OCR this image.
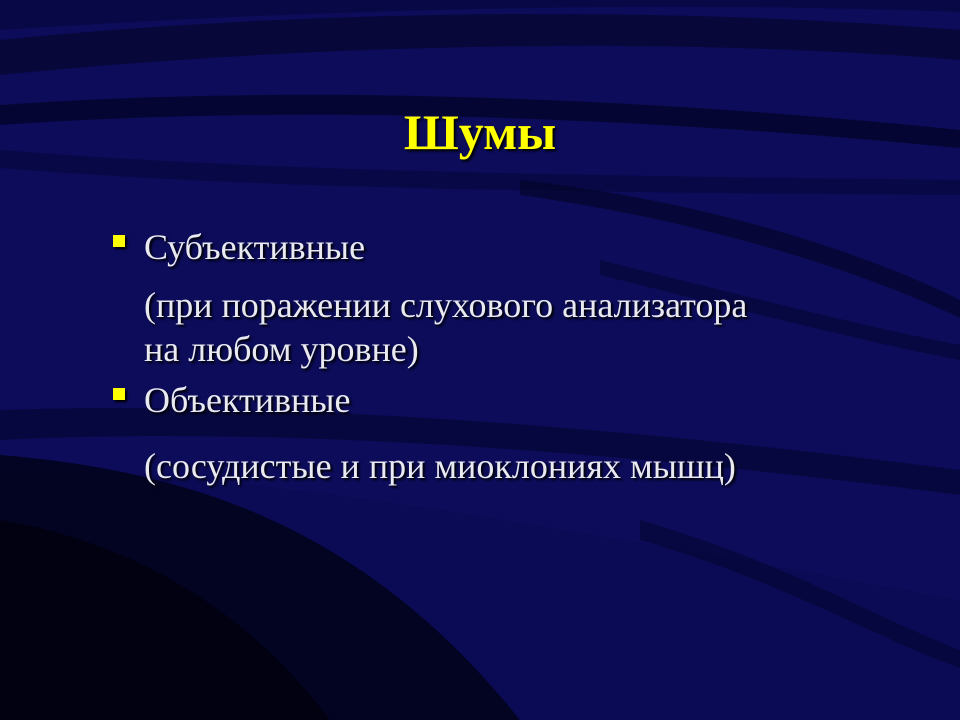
Шумы
Субъективные
(при поражении слухового анализатора
на любом уровне)
Объективные
(сосудистые и при миоклониях мышц)
